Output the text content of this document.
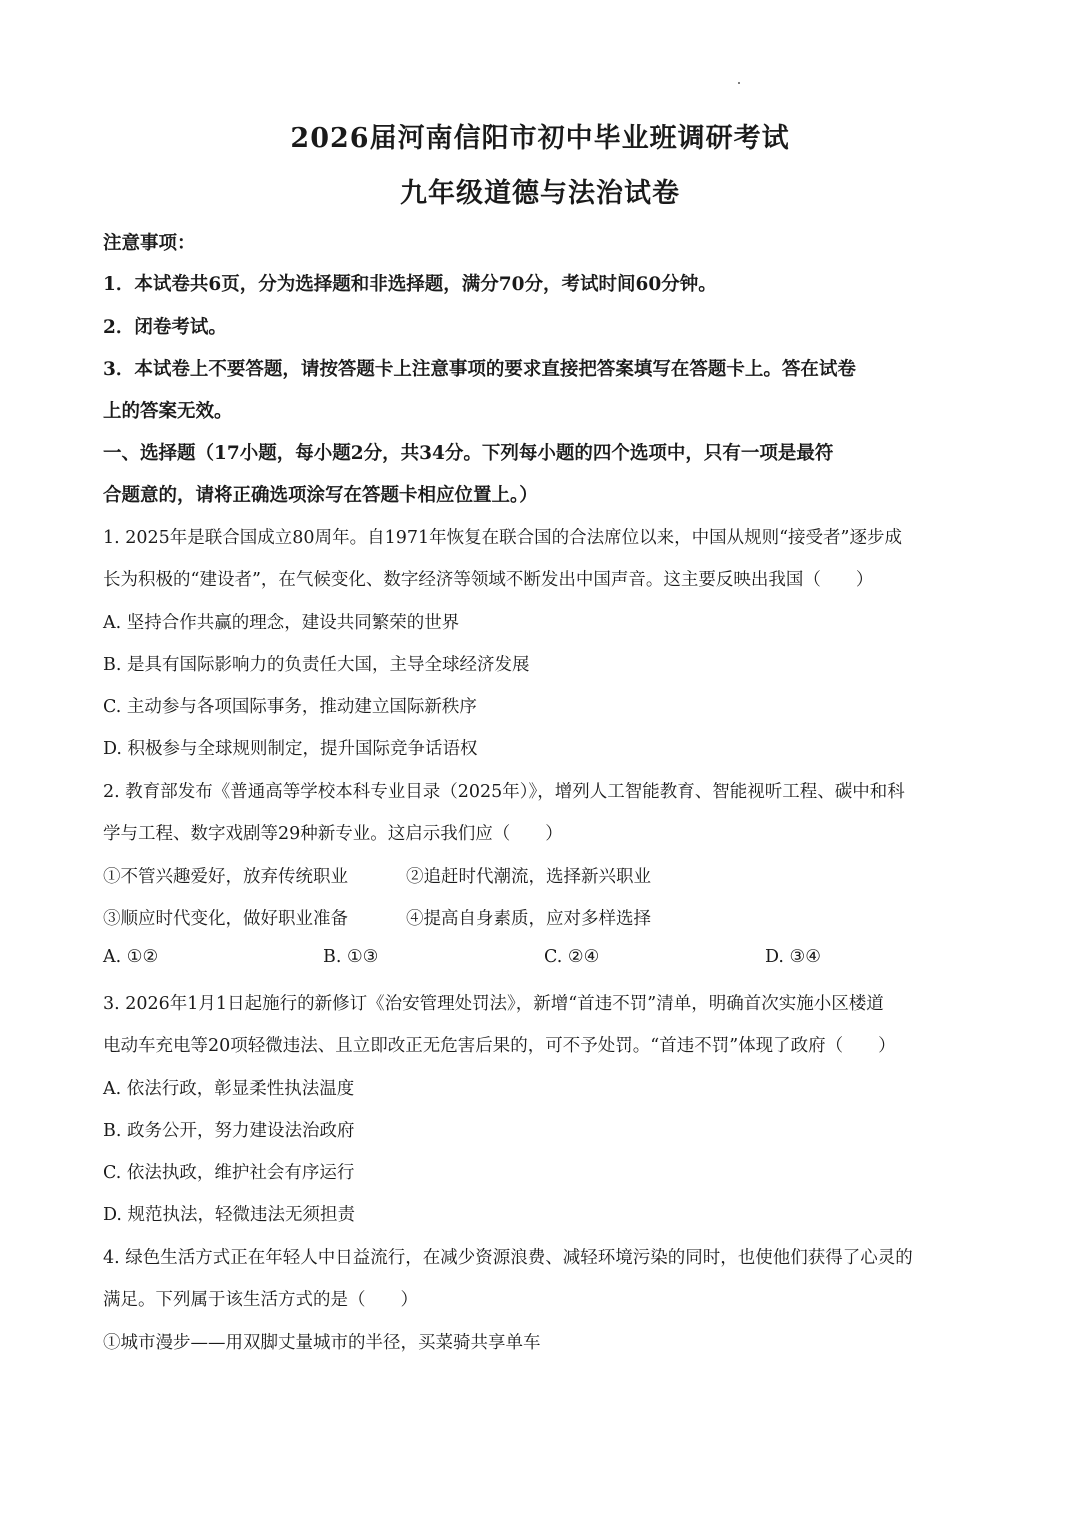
2026届河南信阳市初中毕业班调研考试
九年级道德与法治试卷
注意事项：
1．本试卷共6页，分为选择题和非选择题，满分70分，考试时间60分钟。
2．闭卷考试。
3．本试卷上不要答题，请按答题卡上注意事项的要求直接把答案填写在答题卡上。答在试卷
上的答案无效。
一、选择题（17小题，每小题2分，共34分。下列每小题的四个选项中，只有一项是最符
合题意的，请将正确选项涂写在答题卡相应位置上。）
1. 2025年是联合国成立80周年。自1971年恢复在联合国的合法席位以来，中国从规则“接受者”逐步成
长为积极的“建设者”，在气候变化、数字经济等领域不断发出中国声音。这主要反映出我国（　　）
A. 坚持合作共赢的理念，建设共同繁荣的世界
B. 是具有国际影响力的负责任大国，主导全球经济发展
C. 主动参与各项国际事务，推动建立国际新秩序
D. 积极参与全球规则制定，提升国际竞争话语权
2. 教育部发布《普通高等学校本科专业目录（2025年）》，增列人工智能教育、智能视听工程、碳中和科
学与工程、数字戏剧等29种新专业。这启示我们应（　　）
①不管兴趣爱好，放弃传统职业	②追赶时代潮流，选择新兴职业
③顺应时代变化，做好职业准备	④提高自身素质，应对多样选择
A. ①②	B. ①③	C. ②④	D. ③④
3. 2026年1月1日起施行的新修订《治安管理处罚法》，新增“首违不罚”清单，明确首次实施小区楼道
电动车充电等20项轻微违法、且立即改正无危害后果的，可不予处罚。“首违不罚”体现了政府（　　）
A. 依法行政，彰显柔性执法温度
B. 政务公开，努力建设法治政府
C. 依法执政，维护社会有序运行
D. 规范执法，轻微违法无须担责
4. 绿色生活方式正在年轻人中日益流行，在减少资源浪费、减轻环境污染的同时，也使他们获得了心灵的
满足。下列属于该生活方式的是（　　）
①城市漫步——用双脚丈量城市的半径，买菜骑共享单车
